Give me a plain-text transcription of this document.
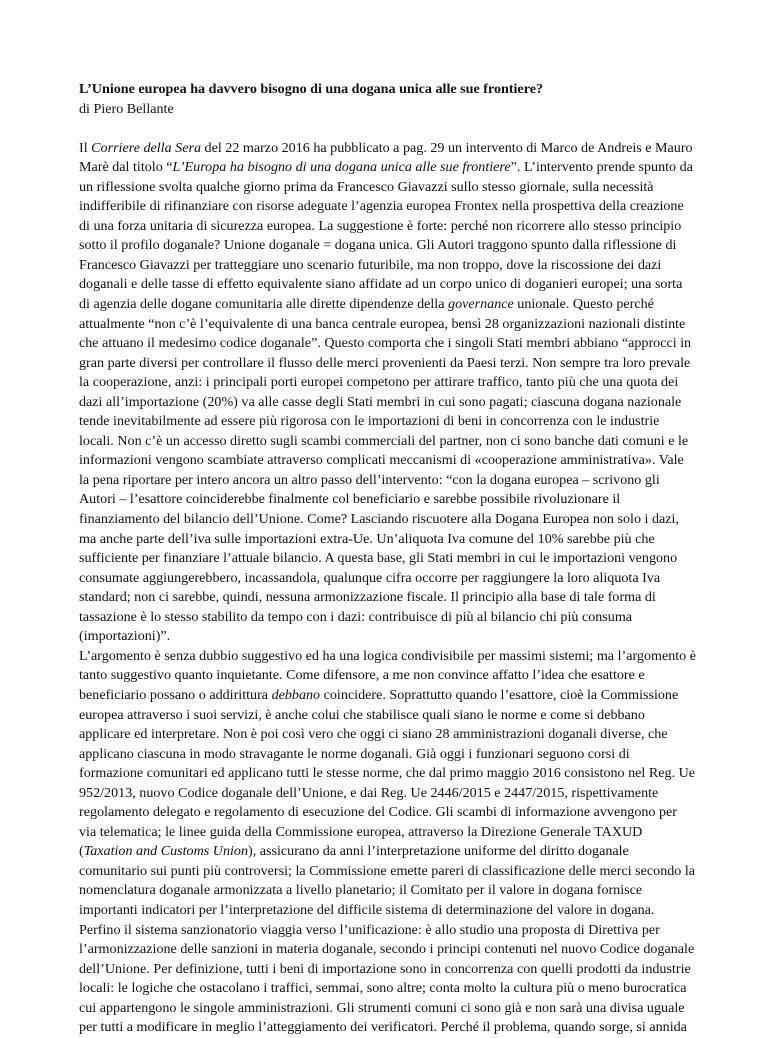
L’Unione europea ha davvero bisogno di una dogana unica alle sue frontiere?

di Piero Bellante

Il Corriere della Sera del 22 marzo 2016 ha pubblicato a pag. 29 un intervento di Marco de Andreis e Mauro Marè dal titolo “L’Europa ha bisogno di una dogana unica alle sue frontiere”. L’intervento prende spunto da un riflessione svolta qualche giorno prima da Francesco Giavazzi sullo stesso giornale, sulla necessità indifferibile di rifinanziare con risorse adeguate l’agenzia europea Frontex nella prospettiva della creazione di una forza unitaria di sicurezza europea. La suggestione è forte: perché non ricorrere allo stesso principio sotto il profilo doganale? Unione doganale = dogana unica. Gli Autori traggono spunto dalla riflessione di Francesco Giavazzi per tratteggiare uno scenario futuribile, ma non troppo, dove la riscossione dei dazi doganali e delle tasse di effetto equivalente siano affidate ad un corpo unico di doganieri europei; una sorta di agenzia delle dogane comunitaria alle dirette dipendenze della governance unionale. Questo perché attualmente “non c’è l’equivalente di una banca centrale europea, bensì 28 organizzazioni nazionali distinte che attuano il medesimo codice doganale”. Questo comporta che i singoli Stati membri abbiano “approcci in gran parte diversi per controllare il flusso delle merci provenienti da Paesi terzi. Non sempre tra loro prevale la cooperazione, anzi: i principali porti europei competono per attirare traffico, tanto più che una quota dei dazi all’importazione (20%) va alle casse degli Stati membri in cui sono pagati; ciascuna dogana nazionale tende inevitabilmente ad essere più rigorosa con le importazioni di beni in concorrenza con le industrie locali. Non c’è un accesso diretto sugli scambi commerciali del partner, non ci sono banche dati comuni e le informazioni vengono scambiate attraverso complicati meccanismi di «cooperazione amministrativa». Vale la pena riportare per intero ancora un altro passo dell’intervento: “con la dogana europea – scrivono gli Autori – l’esattore coinciderebbe finalmente col beneficiario e sarebbe possibile rivoluzionare il finanziamento del bilancio dell’Unione. Come? Lasciando riscuotere alla Dogana Europea non solo i dazi, ma anche parte dell’iva sulle importazioni extra-Ue. Un’aliquota Iva comune del 10% sarebbe più che sufficiente per finanziare l’attuale bilancio. A questa base, gli Stati membri in cui le importazioni vengono consumate aggiungerebbero, incassandola, qualunque cifra occorre per raggiungere la loro aliquota Iva standard; non ci sarebbe, quindi, nessuna armonizzazione fiscale. Il principio alla base di tale forma di tassazione è lo stesso stabilito da tempo con i dazi: contribuisce di più al bilancio chi più consuma (importazioni)”.

L’argomento è senza dubbio suggestivo ed ha una logica condivisibile per massimi sistemi; ma l’argomento è tanto suggestivo quanto inquietante. Come difensore, a me non convince affatto l’idea che esattore e beneficiario possano o addirittura debbano coincidere. Soprattutto quando l’esattore, cioè la Commissione europea attraverso i suoi servizi, è anche colui che stabilisce quali siano le norme e come si debbano applicare ed interpretare. Non è poi così vero che oggi ci siano 28 amministrazioni doganali diverse, che applicano ciascuna in modo stravagante le norme doganali. Già oggi i funzionari seguono corsi di formazione comunitari ed applicano tutti le stesse norme, che dal primo maggio 2016 consistono nel Reg. Ue 952/2013, nuovo Codice doganale dell’Unione, e dai Reg. Ue 2446/2015 e 2447/2015, rispettivamente regolamento delegato e regolamento di esecuzione del Codice. Gli scambi di informazione avvengono per via telematica; le linee guida della Commissione europea, attraverso la Direzione Generale TAXUD (Taxation and Customs Union), assicurano da anni l’interpretazione uniforme del diritto doganale comunitario sui punti più controversi; la Commissione emette pareri di classificazione delle merci secondo la nomenclatura doganale armonizzata a livello planetario; il Comitato per il valore in dogana fornisce importanti indicatori per l’interpretazione del difficile sistema di determinazione del valore in dogana. Perfino il sistema sanzionatorio viaggia verso l’unificazione: è allo studio una proposta di Direttiva per l’armonizzazione delle sanzioni in materia doganale, secondo i principi contenuti nel nuovo Codice doganale dell’Unione. Per definizione, tutti i beni di importazione sono in concorrenza con quelli prodotti da industrie locali: le logiche che ostacolano i traffici, semmai, sono altre; conta molto la cultura più o meno burocratica cui appartengono le singole amministrazioni. Gli strumenti comuni ci sono già e non sarà una divisa uguale per tutti a modificare in meglio l’atteggiamento dei verificatori. Perché il problema, quando sorge, si annida
